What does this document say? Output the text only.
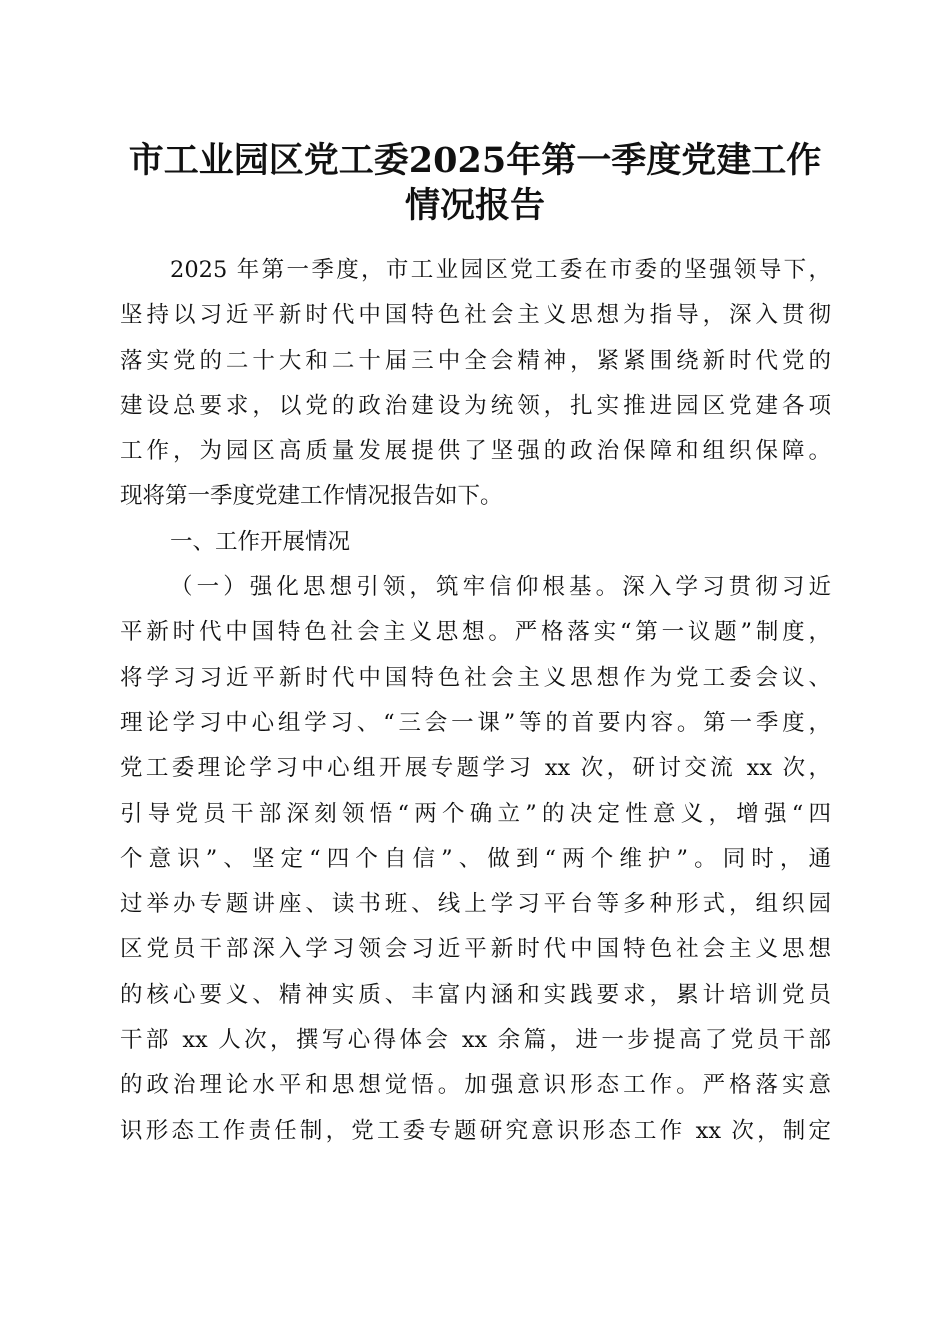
市工业园区党工委2025年第一季度党建工作
情况报告
2025 年第一季度，市工业园区党工委在市委的坚强领导下，
坚持以习近平新时代中国特色社会主义思想为指导，深入贯彻
落实党的二十大和二十届三中全会精神，紧紧围绕新时代党的
建设总要求，以党的政治建设为统领，扎实推进园区党建各项
工作，为园区高质量发展提供了坚强的政治保障和组织保障。
现将第一季度党建工作情况报告如下。
一、工作开展情况
（一）强化思想引领，筑牢信仰根基。深入学习贯彻习近
平新时代中国特色社会主义思想。严格落实“第一议题”制度，
将学习习近平新时代中国特色社会主义思想作为党工委会议、
理论学习中心组学习、“三会一课”等的首要内容。第一季度，
党工委理论学习中心组开展专题学习 xx 次，研讨交流 xx 次，
引导党员干部深刻领悟“两个确立”的决定性意义，增强“四
个意识”、坚定“四个自信”、做到“两个维护”。同时，通
过举办专题讲座、读书班、线上学习平台等多种形式，组织园
区党员干部深入学习领会习近平新时代中国特色社会主义思想
的核心要义、精神实质、丰富内涵和实践要求，累计培训党员
干部 xx 人次，撰写心得体会 xx 余篇，进一步提高了党员干部
的政治理论水平和思想觉悟。加强意识形态工作。严格落实意
识形态工作责任制，党工委专题研究意识形态工作 xx 次，制定
